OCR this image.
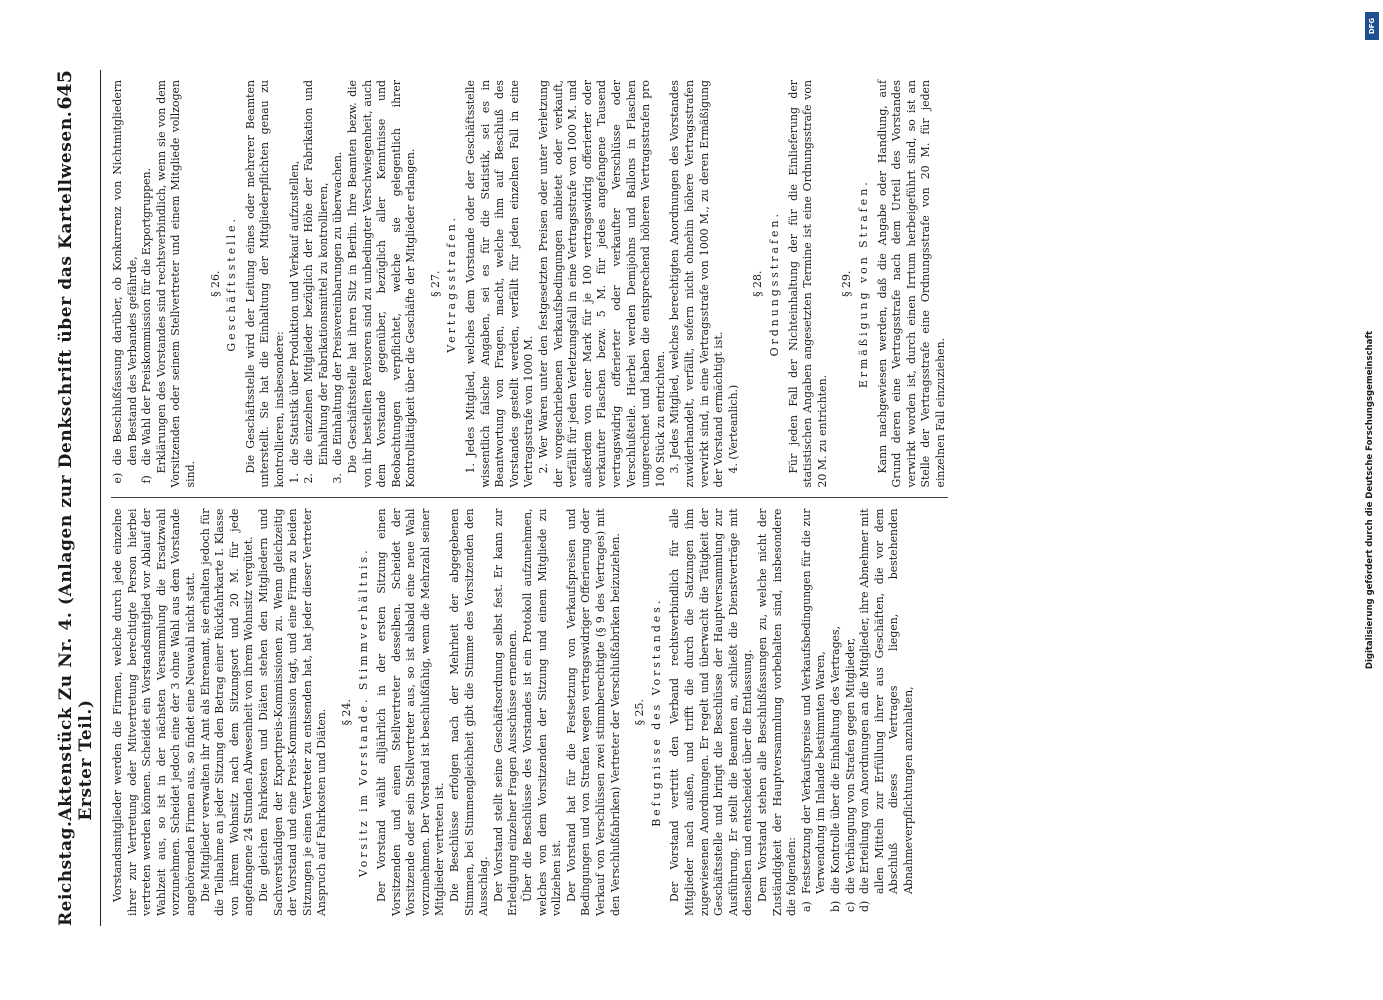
Reichstag.
Aktenstück Zu Nr. 4. (Anlagen zur Denkschrift über das Kartellwesen. Erster Teil.)
645

Vorstandsmitglieder werden die Firmen, welche durch jede einzelne ihrer zur Vertretung oder Mitvertretung berechtigte Person hierbei vertreten werden können. Scheidet ein Vorstandsmitglied vor Ablauf der Wahlzeit aus, so ist in der nächsten Versammlung die Ersatzwahl vorzunehmen. Scheidet jedoch eine der 3 ohne Wahl aus dem Vorstande angehörenden Firmen aus, so findet eine Neuwahl nicht statt. Die Mitglieder verwalten ihr Amt als Ehrenamt, sie erhalten jedoch für die Teilnahme an jeder Sitzung den Betrag einer Rückfahrkarte I. Klasse von ihrem Wohnsitz nach dem Sitzungsort und 20 M. für jede angefangene 24 Stunden Abwesenheit von ihrem Wohnsitz vergütet. Die gleichen Fahrkosten und Diäten stehen den Mitgliedern und Sachverständigen der Exportpreis-Kommissionen zu. Wenn gleichzeitig der Vorstand und eine Preis-Kommission tagt, und eine Firma zu beiden Sitzungen je einen Vertreter zu entsenden hat, hat jeder dieser Vertreter Anspruch auf Fahrkosten und Diäten. § 24. Vorsitz im Vorstande. Stimmverhältnis. Der Vorstand wählt alljährlich in der ersten Sitzung einen Vorsitzenden und einen Stellvertreter desselben. Scheidet der Vorsitzende oder sein Stellvertreter aus, so ist alsbald eine neue Wahl vorzunehmen. Der Vorstand ist beschlußfähig, wenn die Mehrzahl seiner Mitglieder vertreten ist. Die Beschlüsse erfolgen nach der Mehrheit der abgegebenen Stimmen, bei Stimmengleichheit gibt die Stimme des Vorsitzenden den Ausschlag. Der Vorstand stellt seine Geschäftsordnung selbst fest. Er kann zur Erledigung einzelner Fragen Ausschüsse ernennen. Über die Beschlüsse des Vorstandes ist ein Protokoll aufzunehmen, welches von dem Vorsitzenden der Sitzung und einem Mitgliede zu vollziehen ist. Der Vorstand hat für die Festsetzung von Verkaufspreisen und Bedingungen und von Strafen wegen vertragswidriger Offerierung oder Verkauf von Verschlüssen zwei stimmberechtigte (§ 9 des Vertrages) mit den Verschlußfabriken) Vertreter der Verschlußfabriken beizuziehen. § 25. Befugnisse des Vorstandes. Der Vorstand vertritt den Verband rechtsverbindlich für alle Mitglieder nach außen, und trifft die durch die Satzungen ihm zugewiesenen Anordnungen. Er regelt und überwacht die Tätigkeit der Geschäftsstelle und bringt die Beschlüsse der Hauptversammlung zur Ausführung. Er stellt die Beamten an, schließt die Dienstverträge mit denselben und entscheidet über die Entlassung. Dem Vorstand stehen alle Beschlußfassungen zu, welche nicht der Zuständigkeit der Hauptversammlung vorbehalten sind, insbesondere die folgenden: a)Festsetzung der Verkaufspreise und Verkaufsbedingungen für die zur Verwendung im Inlande bestimmten Waren,

b)die Kontrolle über die Einhaltung des Vertrages,

c)die Verhängung von Strafen gegen Mitglieder,

d)die Erteilung von Anordnungen an die Mitglieder, ihre Abnehmer mit allen Mitteln zur Erfüllung ihrer aus Geschäften, die vor dem Abschluß dieses Vertrages liegen, bestehenden Abnahmeverpflichtungen anzuhalten,

e)die Beschlußfassung darüber, ob Konkurrenz von Nichtmitgliedern den Bestand des Verbandes gefährde,

f)die Wahl der Preiskommission für die Exportgruppen. Erklärungen des Vorstandes sind rechtsverbindlich, wenn sie von dem Vorsitzenden oder seinem Stellvertreter und einem Mitgliede vollzogen sind.

§ 26. Geschäftsstelle. Die Geschäftsstelle wird der Leitung eines oder mehrerer Beamten unterstellt. Sie hat die Einhaltung der Mitgliederpflichten genau zu kontrollieren, insbesondere: 1.die Statistik über Produktion und Verkauf aufzustellen,

2.die einzelnen Mitglieder bezüglich der Höhe der Fabrikation und Einhaltung der Fabrikationsmittel zu kontrollieren,

3.die Einhaltung der Preisvereinbarungen zu überwachen. Die Geschäftsstelle hat ihren Sitz in Berlin. Ihre Beamten bezw. die von ihr bestellten Revisoren sind zu unbedingter Verschwiegenheit, auch dem Vorstande gegenüber, bezüglich aller Kenntnisse und Beobachtungen verpflichtet, welche sie gelegentlich ihrer Kontrolltätigkeit über die Geschäfte der Mitglieder erlangen. § 27. Vertragsstrafen. 1. Jedes Mitglied, welches dem Vorstande oder der Geschäftsstelle wissentlich falsche Angaben, sei es für die Statistik, sei es in Beantwortung von Fragen, macht, welche ihm auf Beschluß des Vorstandes gestellt werden, verfällt für jeden einzelnen Fall in eine Vertragsstrafe von 1000 M. 2. Wer Waren unter den festgesetzten Preisen oder unter Verletzung der vorgeschriebenen Verkaufsbedingungen anbietet oder verkauft, verfällt für jeden Verletzungsfall in eine Vertragsstrafe von 1000 M. und außerdem von einer Mark für je 100 vertragswidrig offerierter oder verkaufter Flaschen bezw. 5 M. für jedes angefangene Tausend vertragswidrig offerierter oder verkaufter Verschlüsse oder Verschlußteile. Hierbei werden Demijohns und Ballons in Flaschen umgerechnet und haben die entsprechend höheren Vertragsstrafen pro 100 Stück zu entrichten. 3. Jedes Mitglied, welches berechtigten Anordnungen des Vorstandes zuwiderhandelt, verfällt, sofern nicht ohnehin höhere Vertragsstrafen verwirkt sind, in eine Vertragsstrafe von 1000 M., zu deren Ermäßigung der Vorstand ermächtigt ist. 4. (Verteanlich.)

§ 28. Ordnungsstrafen. Für jeden Fall der Nichteinhaltung der für die Einlieferung der statistischen Angaben angesetzten Termine ist eine Ordnungsstrafe von 20 M. zu entrichten.

§ 29. Ermäßigung von Strafen. Kann nachgewiesen werden, daß die Angabe oder Handlung, auf Grund deren eine Vertragsstrafe nach dem Urteil des Vorstandes verwirkt worden ist, durch einen Irrtum herbeigeführt sind, so ist an Stelle der Vertragsstrafe eine Ordnungsstrafe von 20 M. für jeden einzelnen Fall einzuziehen.

DFG
Digitalisierung gefördert durch die Deutsche Forschungsgemeinschaft
